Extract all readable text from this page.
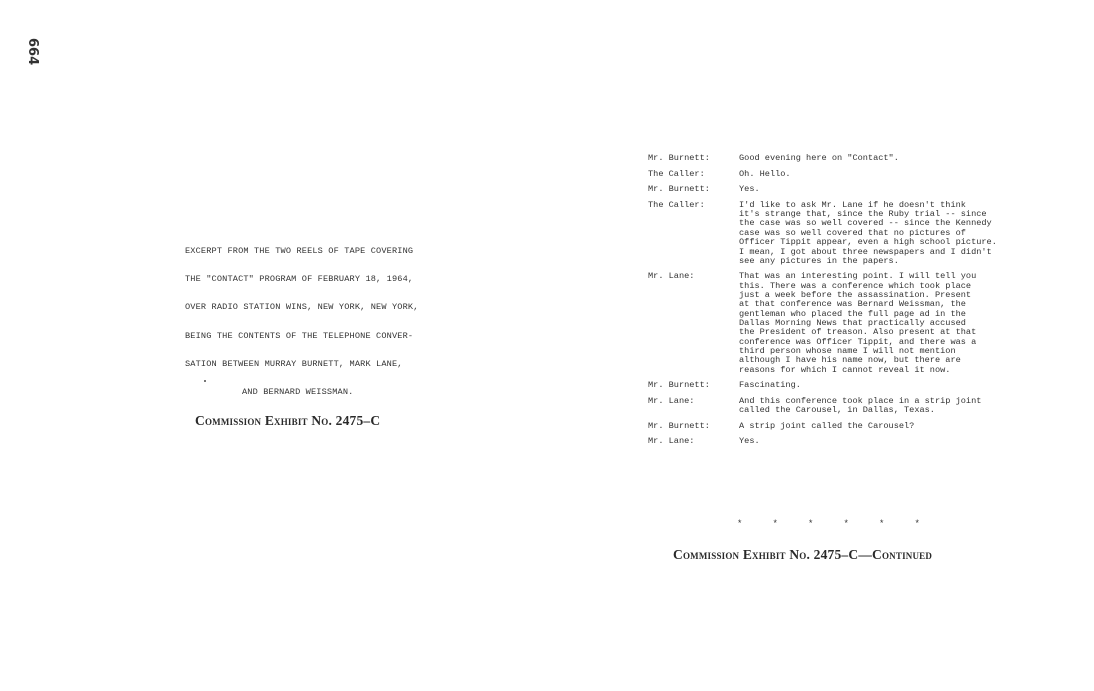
664
EXCERPT FROM THE TWO REELS OF TAPE COVERING
THE "CONTACT" PROGRAM OF FEBRUARY 18, 1964,
OVER RADIO STATION WINS, NEW YORK, NEW YORK,
BEING THE CONTENTS OF THE TELEPHONE CONVER-
SATION BETWEEN MURRAY BURNETT, MARK LANE,
AND BERNARD WEISSMAN.
Commission Exhibit No. 2475–C
Mr. Burnett:	Good evening here on "Contact".
The Caller:	Oh. Hello.
Mr. Burnett:	Yes.
The Caller:	I'd like to ask Mr. Lane if he doesn't think
it's strange that, since the Ruby trial -- since
the case was so well covered -- since the Kennedy
case was so well covered that no pictures of
Officer Tippit appear, even a high school picture.
I mean, I got about three newspapers and I didn't
see any pictures in the papers.
Mr. Lane:	That was an interesting point. I will tell you
this. There was a conference which took place
just a week before the assassination. Present
at that conference was Bernard Weissman, the
gentleman who placed the full page ad in the
Dallas Morning News that practically accused
the President of treason. Also present at that
conference was Officer Tippit, and there was a
third person whose name I will not mention
although I have his name now, but there are
reasons for which I cannot reveal it now.
Mr. Burnett:	Fascinating.
Mr. Lane:	And this conference took place in a strip joint
called the Carousel, in Dallas, Texas.
Mr. Burnett:	A strip joint called the Carousel?
Mr. Lane:	Yes.
*	*	*	*	*	*
Commission Exhibit No. 2475–C—Continued
